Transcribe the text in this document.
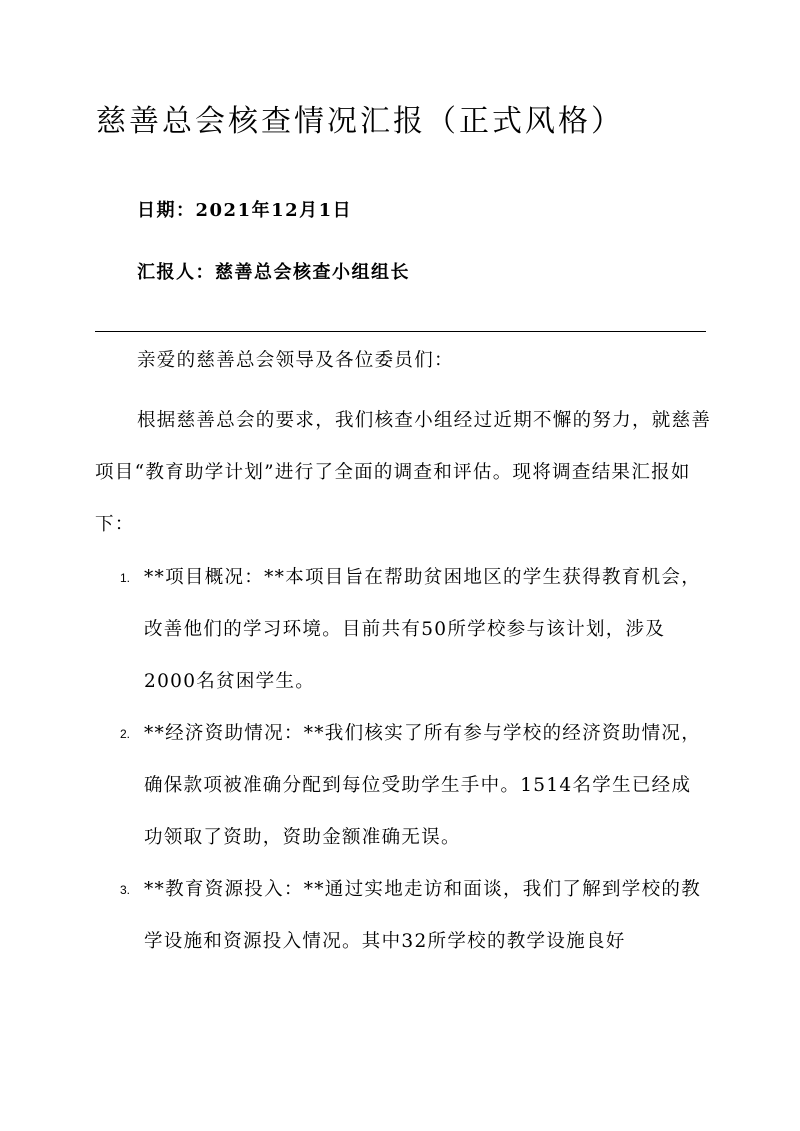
慈善总会核查情况汇报（正式风格）
日期：2021年12月1日
汇报人：慈善总会核查小组组长

亲爱的慈善总会领导及各位委员们：

根据慈善总会的要求，我们核查小组经过近期不懈的努力，就慈善项目“教育助学计划”进行了全面的调查和评估。现将调查结果汇报如下：

1. **项目概况：**本项目旨在帮助贫困地区的学生获得教育机会，改善他们的学习环境。目前共有50所学校参与该计划，涉及2000名贫困学生。
2. **经济资助情况：**我们核实了所有参与学校的经济资助情况，确保款项被准确分配到每位受助学生手中。1514名学生已经成功领取了资助，资助金额准确无误。
3. **教育资源投入：**通过实地走访和面谈，我们了解到学校的教学设施和资源投入情况。其中32所学校的教学设施良好
